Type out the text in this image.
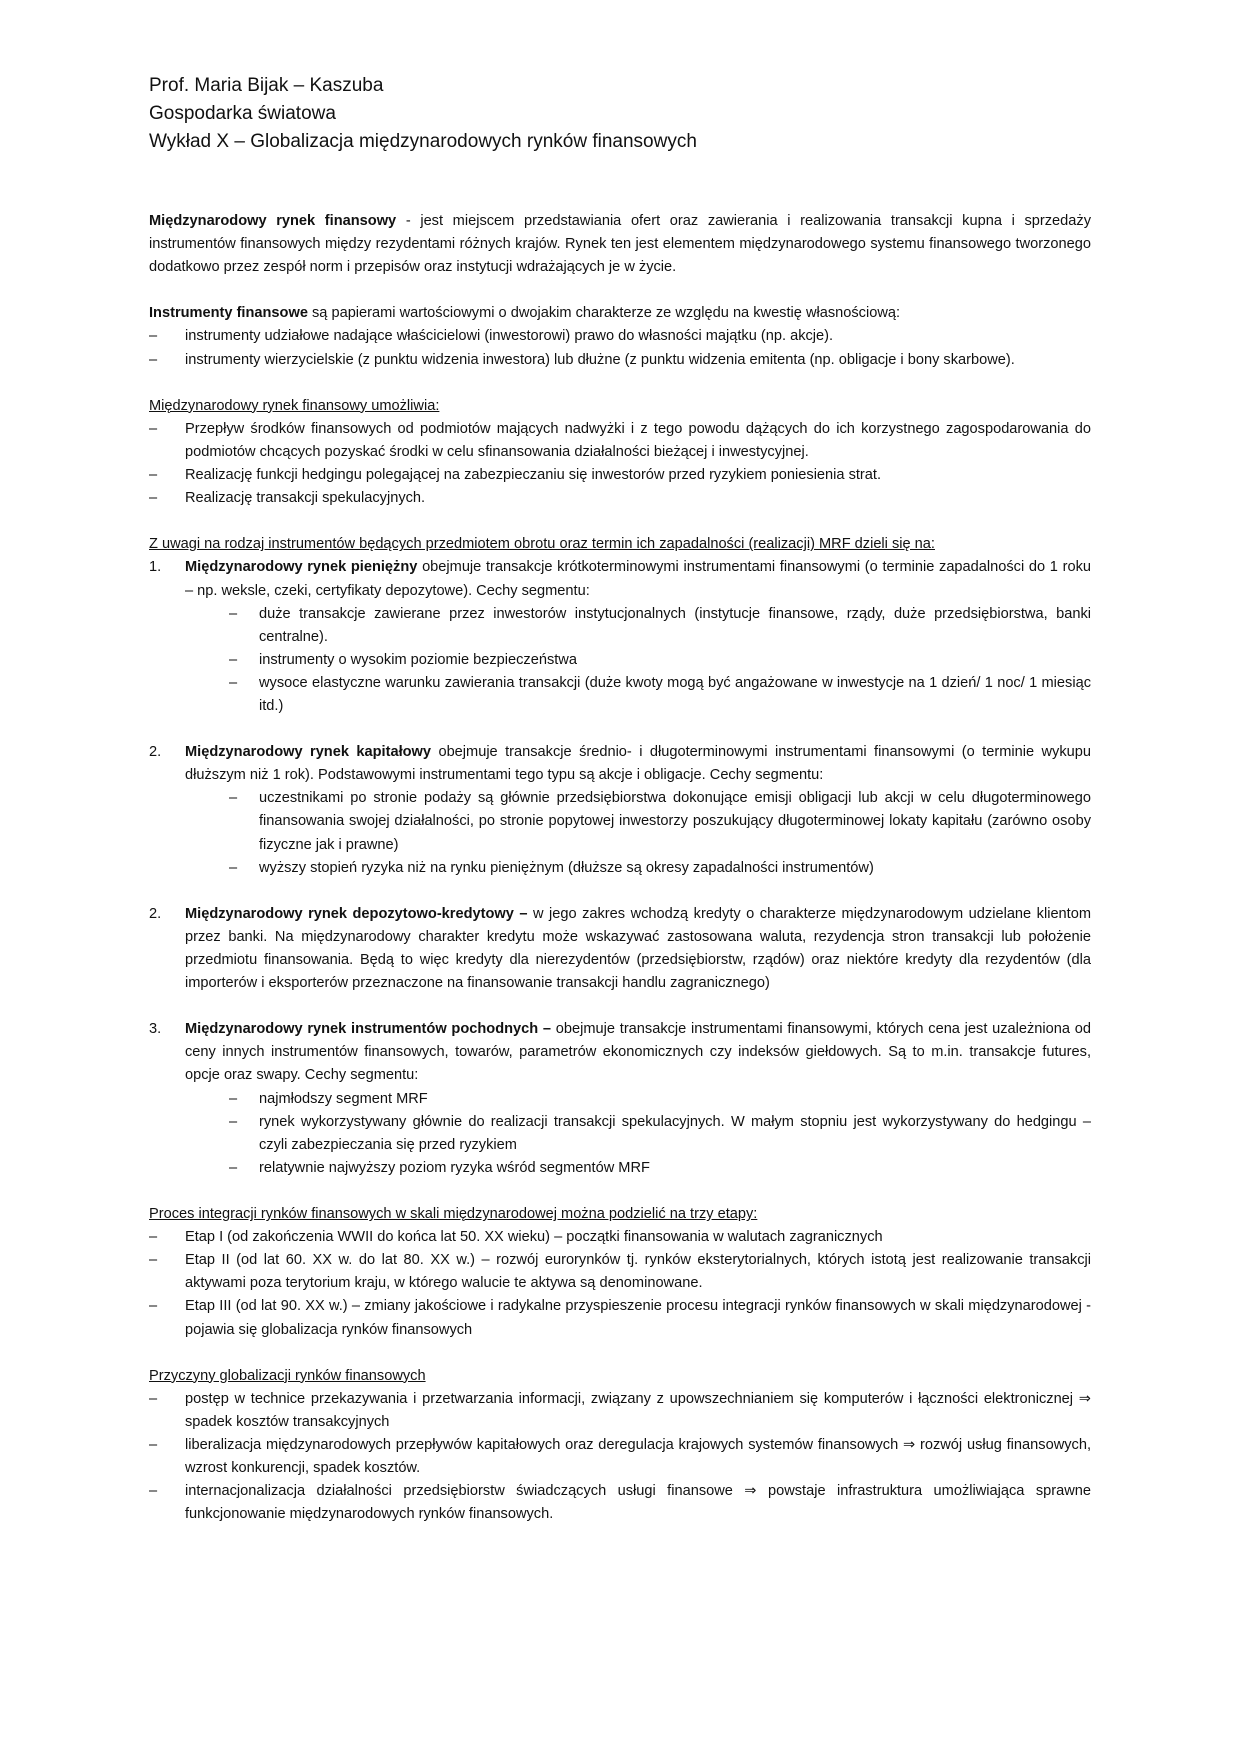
Prof. Maria Bijak – Kaszuba
Gospodarka światowa
Wykład X – Globalizacja międzynarodowych rynków finansowych

Międzynarodowy rynek finansowy - jest miejscem przedstawiania ofert oraz zawierania i realizowania transakcji kupna i sprzedaży instrumentów finansowych między rezydentami różnych krajów. Rynek ten jest elementem międzynarodowego systemu finansowego tworzonego dodatkowo przez zespół norm i przepisów oraz instytucji wdrażających je w życie.

Instrumenty finansowe są papierami wartościowymi o dwojakim charakterze ze względu na kwestię własnościową:

– instrumenty udziałowe nadające właścicielowi (inwestorowi) prawo do własności majątku (np. akcje).
– instrumenty wierzycielskie (z punktu widzenia inwestora) lub dłużne (z punktu widzenia emitenta (np. obligacje i bony skarbowe).

Międzynarodowy rynek finansowy umożliwia:

– Przepływ środków finansowych od podmiotów mających nadwyżki i z tego powodu dążących do ich korzystnego zagospodarowania do podmiotów chcących pozyskać środki w celu sfinansowania działalności bieżącej i inwestycyjnej.
– Realizację funkcji hedgingu polegającej na zabezpieczaniu się inwestorów przed ryzykiem poniesienia strat.
– Realizację transakcji spekulacyjnych.

Z uwagi na rodzaj instrumentów będących przedmiotem obrotu oraz termin ich zapadalności (realizacji) MRF dzieli się na:

1. Międzynarodowy rynek pieniężny obejmuje transakcje krótkoterminowymi instrumentami finansowymi (o terminie zapadalności do 1 roku – np. weksle, czeki, certyfikaty depozytowe). Cechy segmentu:
– duże transakcje zawierane przez inwestorów instytucjonalnych (instytucje finansowe, rządy, duże przedsiębiorstwa, banki centralne).
– instrumenty o wysokim poziomie bezpieczeństwa
– wysoce elastyczne warunku zawierania transakcji (duże kwoty mogą być angażowane w inwestycje na 1 dzień/ 1 noc/ 1 miesiąc itd.)
2. Międzynarodowy rynek kapitałowy obejmuje transakcje średnio- i długoterminowymi instrumentami finansowymi (o terminie wykupu dłuższym niż 1 rok). Podstawowymi instrumentami tego typu są akcje i obligacje. Cechy segmentu:
– uczestnikami po stronie podaży są głównie przedsiębiorstwa dokonujące emisji obligacji lub akcji w celu długoterminowego finansowania swojej działalności, po stronie popytowej inwestorzy poszukujący długoterminowej lokaty kapitału (zarówno osoby fizyczne jak i prawne)
– wyższy stopień ryzyka niż na rynku pieniężnym (dłuższe są okresy zapadalności instrumentów)
2. Międzynarodowy rynek depozytowo-kredytowy – w jego zakres wchodzą kredyty o charakterze międzynarodowym udzielane klientom przez banki. Na międzynarodowy charakter kredytu może wskazywać zastosowana waluta, rezydencja stron transakcji lub położenie przedmiotu finansowania. Będą to więc kredyty dla nierezydentów (przedsiębiorstw, rządów) oraz niektóre kredyty dla rezydentów (dla importerów i eksporterów przeznaczone na finansowanie transakcji handlu zagranicznego)
3. Międzynarodowy rynek instrumentów pochodnych – obejmuje transakcje instrumentami finansowymi, których cena jest uzależniona od ceny innych instrumentów finansowych, towarów, parametrów ekonomicznych czy indeksów giełdowych. Są to m.in. transakcje futures, opcje oraz swapy. Cechy segmentu:
– najmłodszy segment MRF
– rynek wykorzystywany głównie do realizacji transakcji spekulacyjnych. W małym stopniu jest wykorzystywany do hedgingu – czyli zabezpieczania się przed ryzykiem
– relatywnie najwyższy poziom ryzyka wśród segmentów MRF

Proces integracji rynków finansowych w skali międzynarodowej można podzielić na trzy etapy:

– Etap I (od zakończenia WWII do końca lat 50. XX wieku) – początki finansowania w walutach zagranicznych
– Etap II (od lat 60. XX w. do lat 80. XX w.) – rozwój eurorynków tj. rynków eksterytorialnych, których istotą jest realizowanie transakcji aktywami poza terytorium kraju, w którego walucie te aktywa są denominowane.
– Etap III (od lat 90. XX w.) – zmiany jakościowe i radykalne przyspieszenie procesu integracji rynków finansowych w skali międzynarodowej - pojawia się globalizacja rynków finansowych

Przyczyny globalizacji rynków finansowych

– postęp w technice przekazywania i przetwarzania informacji, związany z upowszechnianiem się komputerów i łączności elektronicznej ⇒ spadek kosztów transakcyjnych
– liberalizacja międzynarodowych przepływów kapitałowych oraz deregulacja krajowych systemów finansowych ⇒ rozwój usług finansowych, wzrost konkurencji, spadek kosztów.
– internacjonalizacja działalności przedsiębiorstw świadczących usługi finansowe ⇒ powstaje infrastruktura umożliwiająca sprawne funkcjonowanie międzynarodowych rynków finansowych.
